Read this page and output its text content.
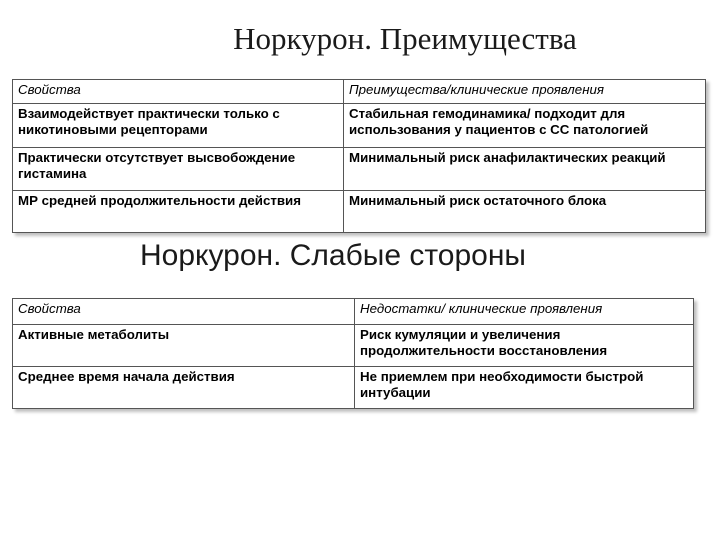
Норкурон. Преимущества
Свойства	Преимущества/клинические проявления
Взаимодействует практически только с никотиновыми рецепторами	Стабильная гемодинамика/ подходит для использования у пациентов с СС патологией
Практически отсутствует высвобождение гистамина	Минимальный риск анафилактических реакций
МР средней продолжительности действия	Минимальный риск остаточного блока
Норкурон. Слабые стороны
Свойства	Недостатки/ клинические проявления
Активные метаболиты	Риск кумуляции и увеличения продолжительности восстановления
Среднее время начала действия	Не приемлем при необходимости быстрой интубации
